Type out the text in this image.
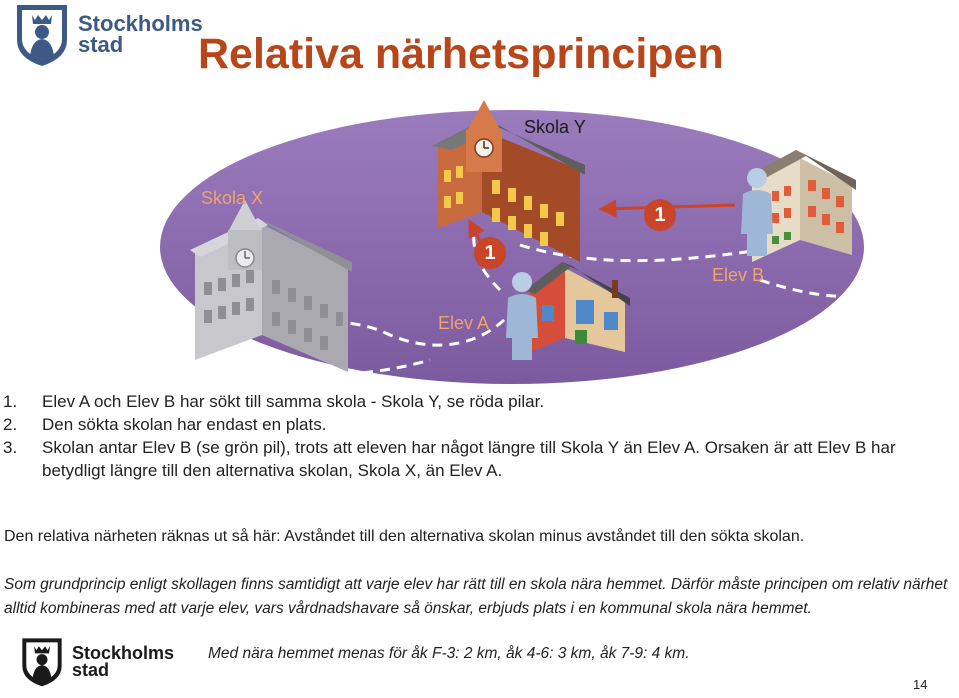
Stockholms
stad	Relativa närhetsprincipen
Skola X
Skola Y
Elev A
Elev B
1
1
1. Elev A och Elev B har sökt till samma skola - Skola Y, se röda pilar.
2. Den sökta skolan har endast en plats.
3. Skolan antar Elev B (se grön pil), trots att eleven har något längre till Skola Y än Elev A. Orsaken är att Elev B har betydligt längre till den alternativa skolan, Skola X, än Elev A.

Den relativa närheten räknas ut så här: Avståndet till den alternativa skolan minus avståndet till den sökta skolan.

Som grundprincip enligt skollagen finns samtidigt att varje elev har rätt till en skola nära hemmet. Därför måste principen om relativ närhet alltid kombineras med att varje elev, vars vårdnadshavare så önskar, erbjuds plats i en kommunal skola nära hemmet.

Stockholms
stad

Med nära hemmet menas för åk F-3: 2 km, åk 4-6: 3 km, åk 7-9: 4 km.

14
